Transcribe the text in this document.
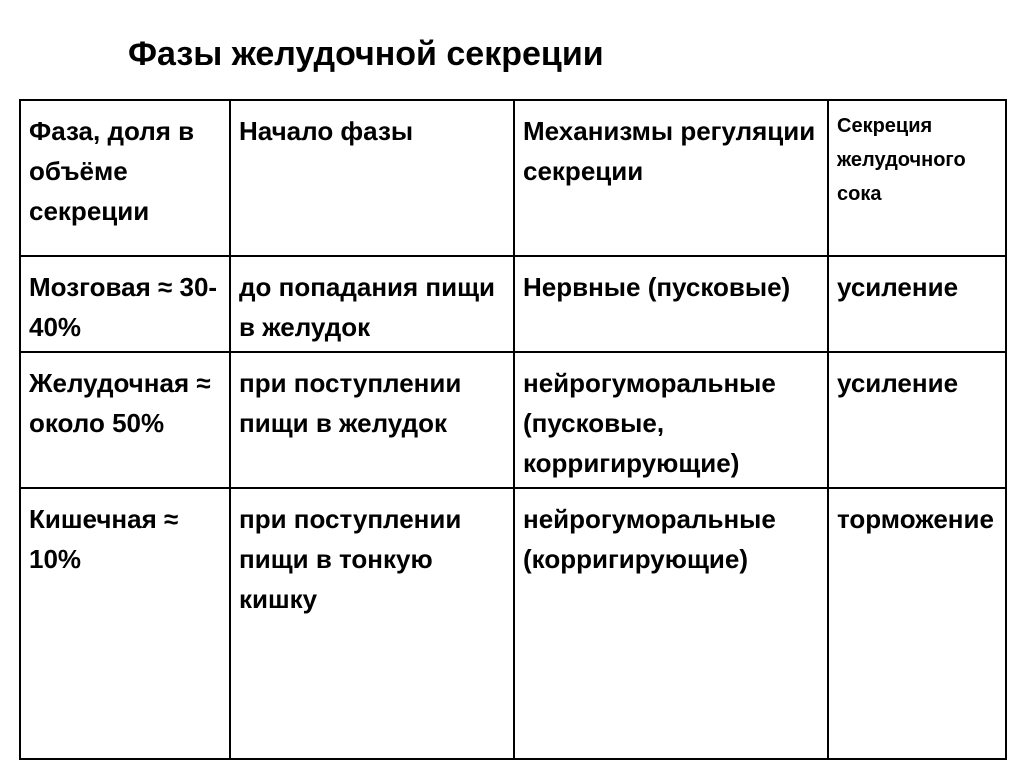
Фазы желудочной секреции
Фаза, доля в объёме секреции	Начало фазы	Механизмы регуляции секреции	Секреция желудочного сока

Мозговая ≈ 30-40%	до попадания пищи в желудок	Нервные (пусковые)	усиление

Желудочная ≈ около 50%	при поступлении пищи в желудок	нейрогуморальные (пусковые, корригирующие)	усиление

Кишечная ≈ 10%	при поступлении пищи в тонкую кишку	нейрогуморальные (корригирующие)	торможение
